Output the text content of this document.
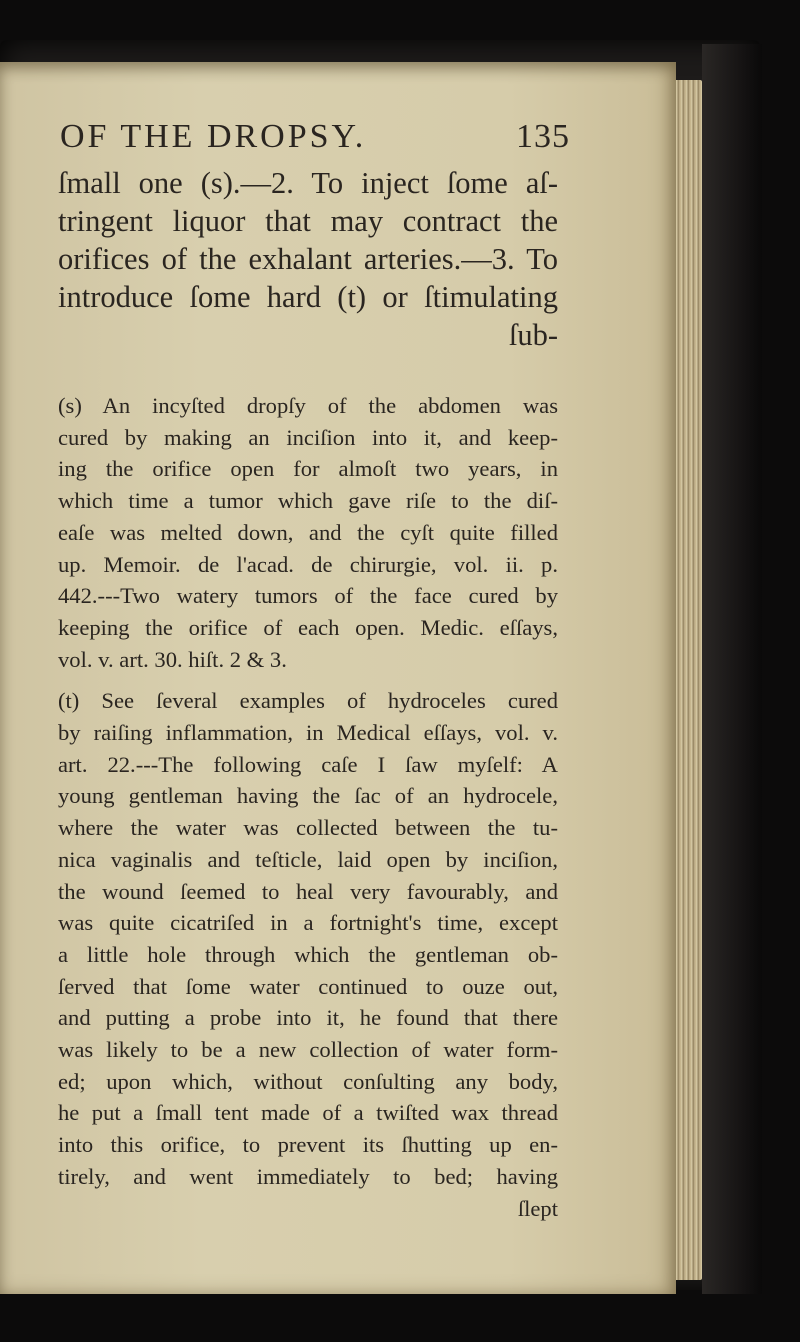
OF THE DROPSY.	135
ſmall one (s).—2. To inject ſome aſ-
tringent liquor that may contract the
orifices of the exhalant arteries.—3. To
introduce ſome hard (t) or ſtimulating
ſub-
(s) An incyſted dropſy of the abdomen was
cured by making an inciſion into it, and keep-
ing the orifice open for almoſt two years, in
which time a tumor which gave riſe to the diſ-
eaſe was melted down, and the cyſt quite filled
up. Memoir. de l'acad. de chirurgie, vol. ii. p.
442.---Two watery tumors of the face cured by
keeping the orifice of each open. Medic. eſſays,
vol. v. art. 30. hiſt. 2 & 3.
(t) See ſeveral examples of hydroceles cured
by raiſing inflammation, in Medical eſſays, vol. v.
art. 22.---The following caſe I ſaw myſelf: A
young gentleman having the ſac of an hydrocele,
where the water was collected between the tu-
nica vaginalis and teſticle, laid open by inciſion,
the wound ſeemed to heal very favourably, and
was quite cicatriſed in a fortnight's time, except
a little hole through which the gentleman ob-
ſerved that ſome water continued to ouze out,
and putting a probe into it, he found that there
was likely to be a new collection of water form-
ed; upon which, without conſulting any body,
he put a ſmall tent made of a twiſted wax thread
into this orifice, to prevent its ſhutting up en-
tirely, and went immediately to bed; having
ſlept
